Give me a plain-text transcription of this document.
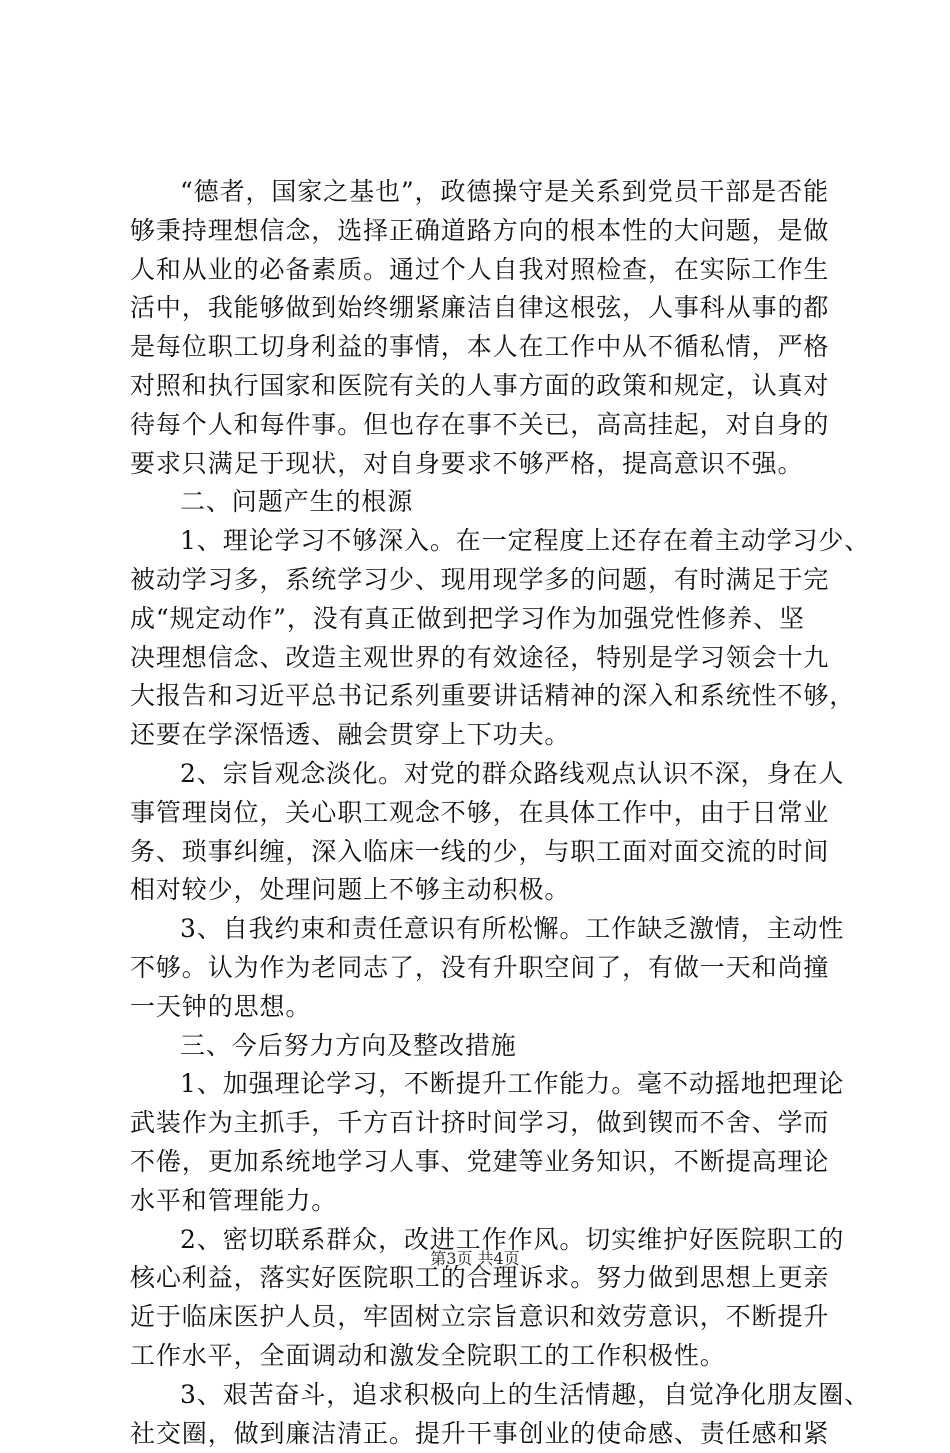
“德者，国家之基也”，政德操守是关系到党员干部是否能
够秉持理想信念，选择正确道路方向的根本性的大问题，是做
人和从业的必备素质。通过个人自我对照检查，在实际工作生
活中，我能够做到始终绷紧廉洁自律这根弦，人事科从事的都
是每位职工切身利益的事情，本人在工作中从不循私情，严格
对照和执行国家和医院有关的人事方面的政策和规定，认真对
待每个人和每件事。但也存在事不关已，高高挂起，对自身的
要求只满足于现状，对自身要求不够严格，提高意识不强。
二、问题产生的根源
1、理论学习不够深入。在一定程度上还存在着主动学习少、
被动学习多，系统学习少、现用现学多的问题，有时满足于完
成“规定动作”，没有真正做到把学习作为加强党性修养、坚
决理想信念、改造主观世界的有效途径，特别是学习领会十九
大报告和习近平总书记系列重要讲话精神的深入和系统性不够，
还要在学深悟透、融会贯穿上下功夫。
2、宗旨观念淡化。对党的群众路线观点认识不深，身在人
事管理岗位，关心职工观念不够，在具体工作中，由于日常业
务、琐事纠缠，深入临床一线的少，与职工面对面交流的时间
相对较少，处理问题上不够主动积极。
3、自我约束和责任意识有所松懈。工作缺乏激情，主动性
不够。认为作为老同志了，没有升职空间了，有做一天和尚撞
一天钟的思想。
三、今后努力方向及整改措施
1、加强理论学习，不断提升工作能力。毫不动摇地把理论
武装作为主抓手，千方百计挤时间学习，做到锲而不舍、学而
不倦，更加系统地学习人事、党建等业务知识，不断提高理论
水平和管理能力。
2、密切联系群众，改进工作作风。切实维护好医院职工的
核心利益，落实好医院职工的合理诉求。努力做到思想上更亲
近于临床医护人员，牢固树立宗旨意识和效劳意识，不断提升
工作水平，全面调动和激发全院职工的工作积极性。
3、艰苦奋斗，追求积极向上的生活情趣，自觉净化朋友圈、
社交圈，做到廉洁清正。提升干事创业的使命感、责任感和紧
第3页 共4页
